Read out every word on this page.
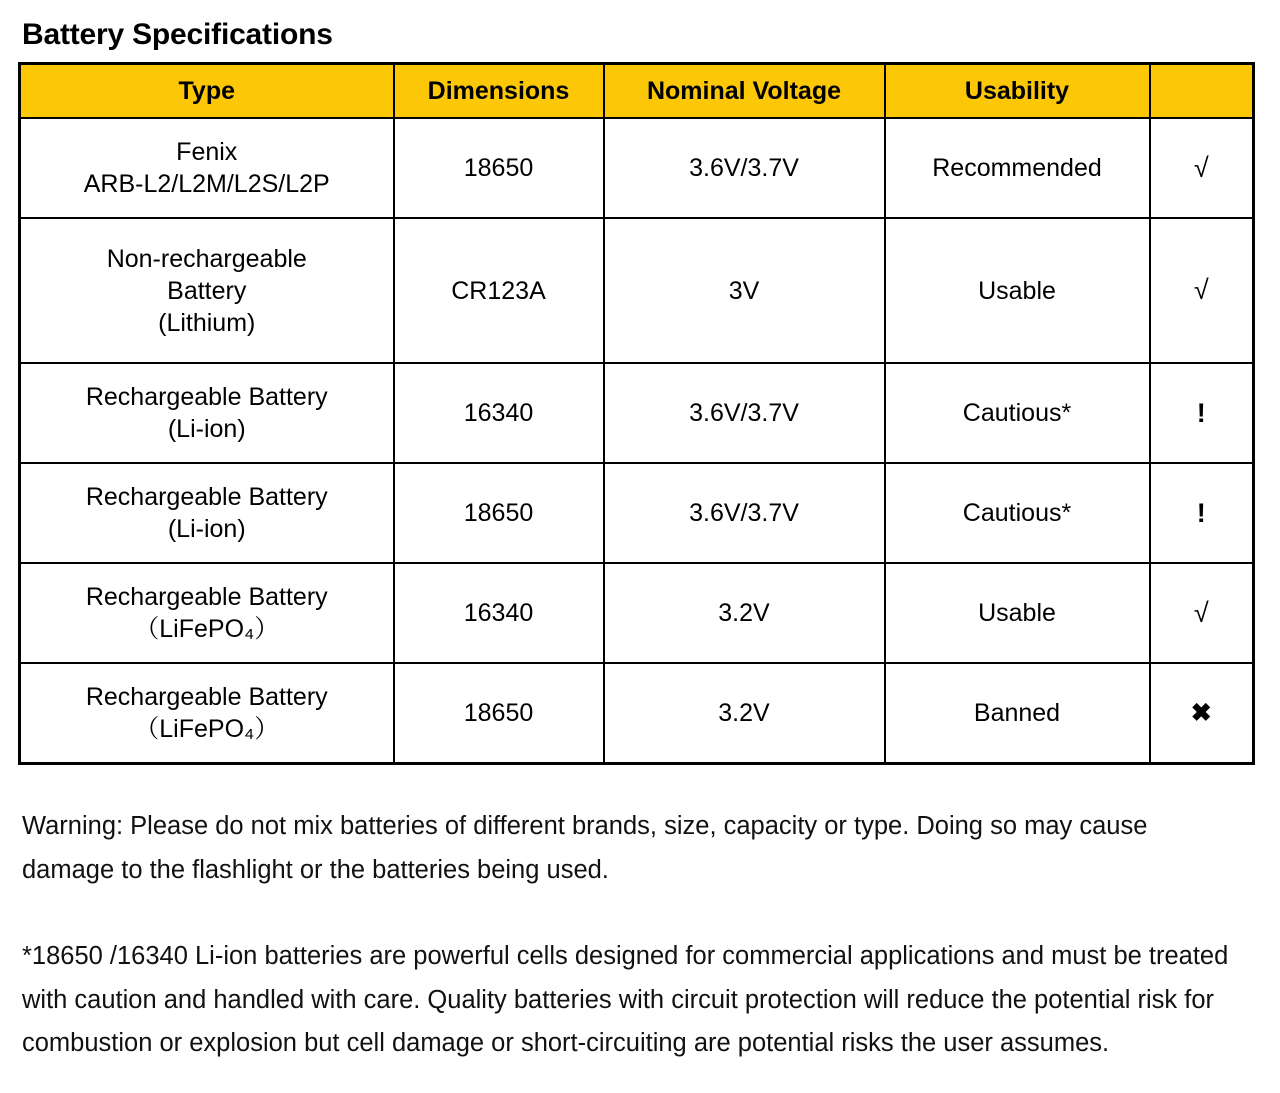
Battery Specifications
Type	Dimensions	Nominal Voltage	Usability	

Fenix
ARB-L2/L2M/L2S/L2P	18650	3.6V/3.7V	Recommended	√

Non-rechargeable
Battery
(Lithium)	CR123A	3V	Usable	√

Rechargeable Battery
(Li-ion)	16340	3.6V/3.7V	Cautious*	!

Rechargeable Battery
(Li-ion)	18650	3.6V/3.7V	Cautious*	!

Rechargeable Battery
（LiFePO₄）	16340	3.2V	Usable	√

Rechargeable Battery
（LiFePO₄）	18650	3.2V	Banned	✖

Warning: Please do not mix batteries of different brands, size, capacity or type. Doing so may cause damage to the flashlight or the batteries being used.

*18650 /16340 Li-ion batteries are powerful cells designed for commercial applications and must be treated with caution and handled with care. Quality batteries with circuit protection will reduce the potential risk for combustion or explosion but cell damage or short-circuiting are potential risks the user assumes.
